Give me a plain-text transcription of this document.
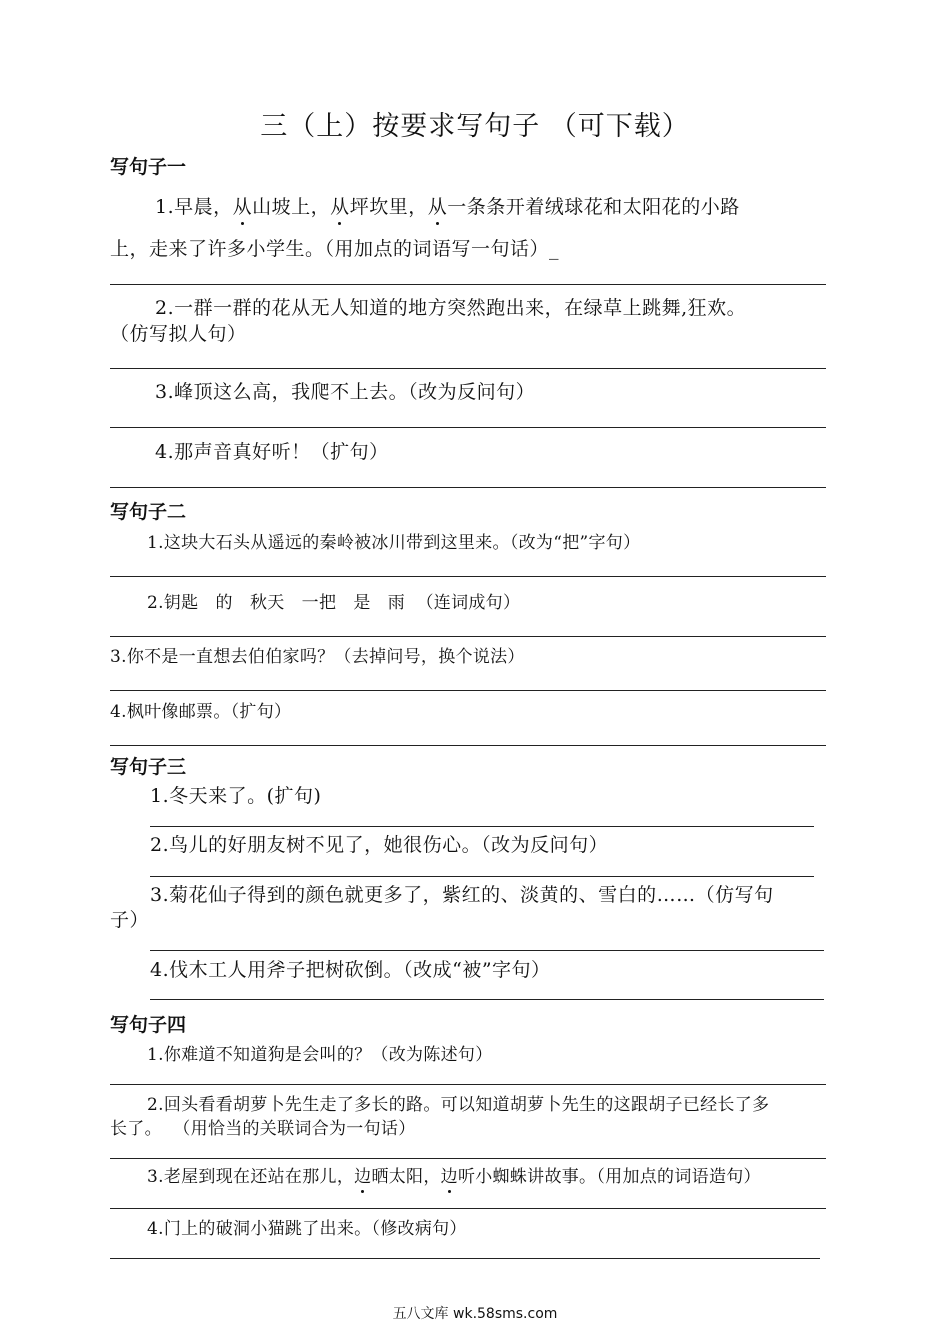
三（上）按要求写句子 （可下载）
写句子一
1.早晨，从山坡上，从坪坎里，从一条条开着绒球花和太阳花的小路
上，走来了许多小学生。（用加点的词语写一句话）_
2.一群一群的花从无人知道的地方突然跑出来，在绿草上跳舞,狂欢。
（仿写拟人句）
3.峰顶这么高，我爬不上去。（改为反问句）
4.那声音真好听！（扩句）
写句子二
1.这块大石头从遥远的秦岭被冰川带到这里来。（改为“把”字句）
2.钥匙   的   秋天   一把   是   雨  （连词成句）
3.你不是一直想去伯伯家吗？（去掉问号，换个说法）
4.枫叶像邮票。（扩句）
写句子三
1.冬天来了。(扩句)
2.鸟儿的好朋友树不见了，她很伤心。（改为反问句）
3.菊花仙子得到的颜色就更多了，紫红的、淡黄的、雪白的……（仿写句
子）
4.伐木工人用斧子把树砍倒。（改成“被”字句）
写句子四
1.你难道不知道狗是会叫的？（改为陈述句）
2.回头看看胡萝卜先生走了多长的路。可以知道胡萝卜先生的这跟胡子已经长了多
长了。  （用恰当的关联词合为一句话）
3.老屋到现在还站在那儿，边晒太阳，边听小蜘蛛讲故事。（用加点的词语造句）
4.门上的破洞小猫跳了出来。（修改病句）
五八文库 wk.58sms.com
